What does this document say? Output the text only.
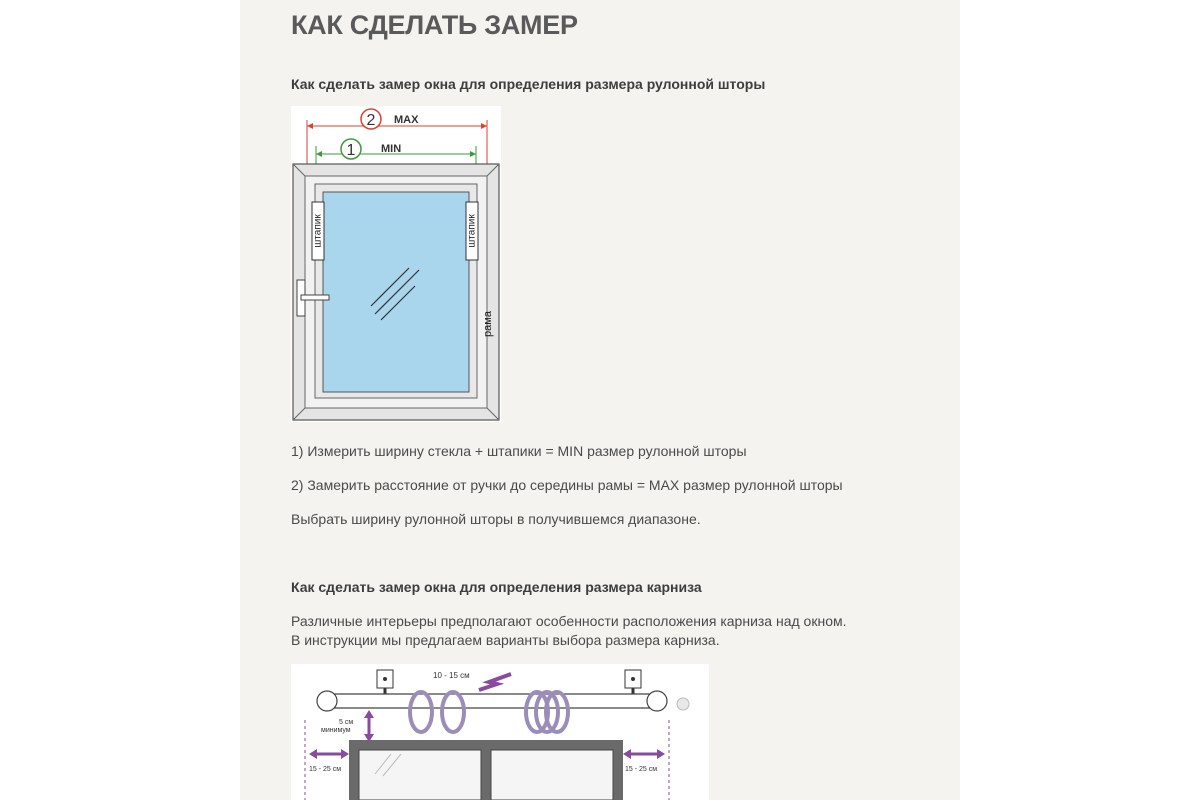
КАК СДЕЛАТЬ ЗАМЕР
Как сделать замер окна для определения размера рулонной шторы
1) Измерить ширину стекла + штапики = MIN размер рулонной шторы
2) Замерить расстояние от ручки до середины рамы = MAX размер рулонной шторы
Выбрать ширину рулонной шторы в получившемся диапазоне.
Как сделать замер окна для определения размера карниза
Различные интерьеры предполагают особенности расположения карниза над окном.
В инструкции мы предлагаем варианты выбора размера карниза.
2 MAX
1 MIN
штапик	штапик
рама
10 - 15 см
5 см
минимум
15 - 25 см	15 - 25 см
